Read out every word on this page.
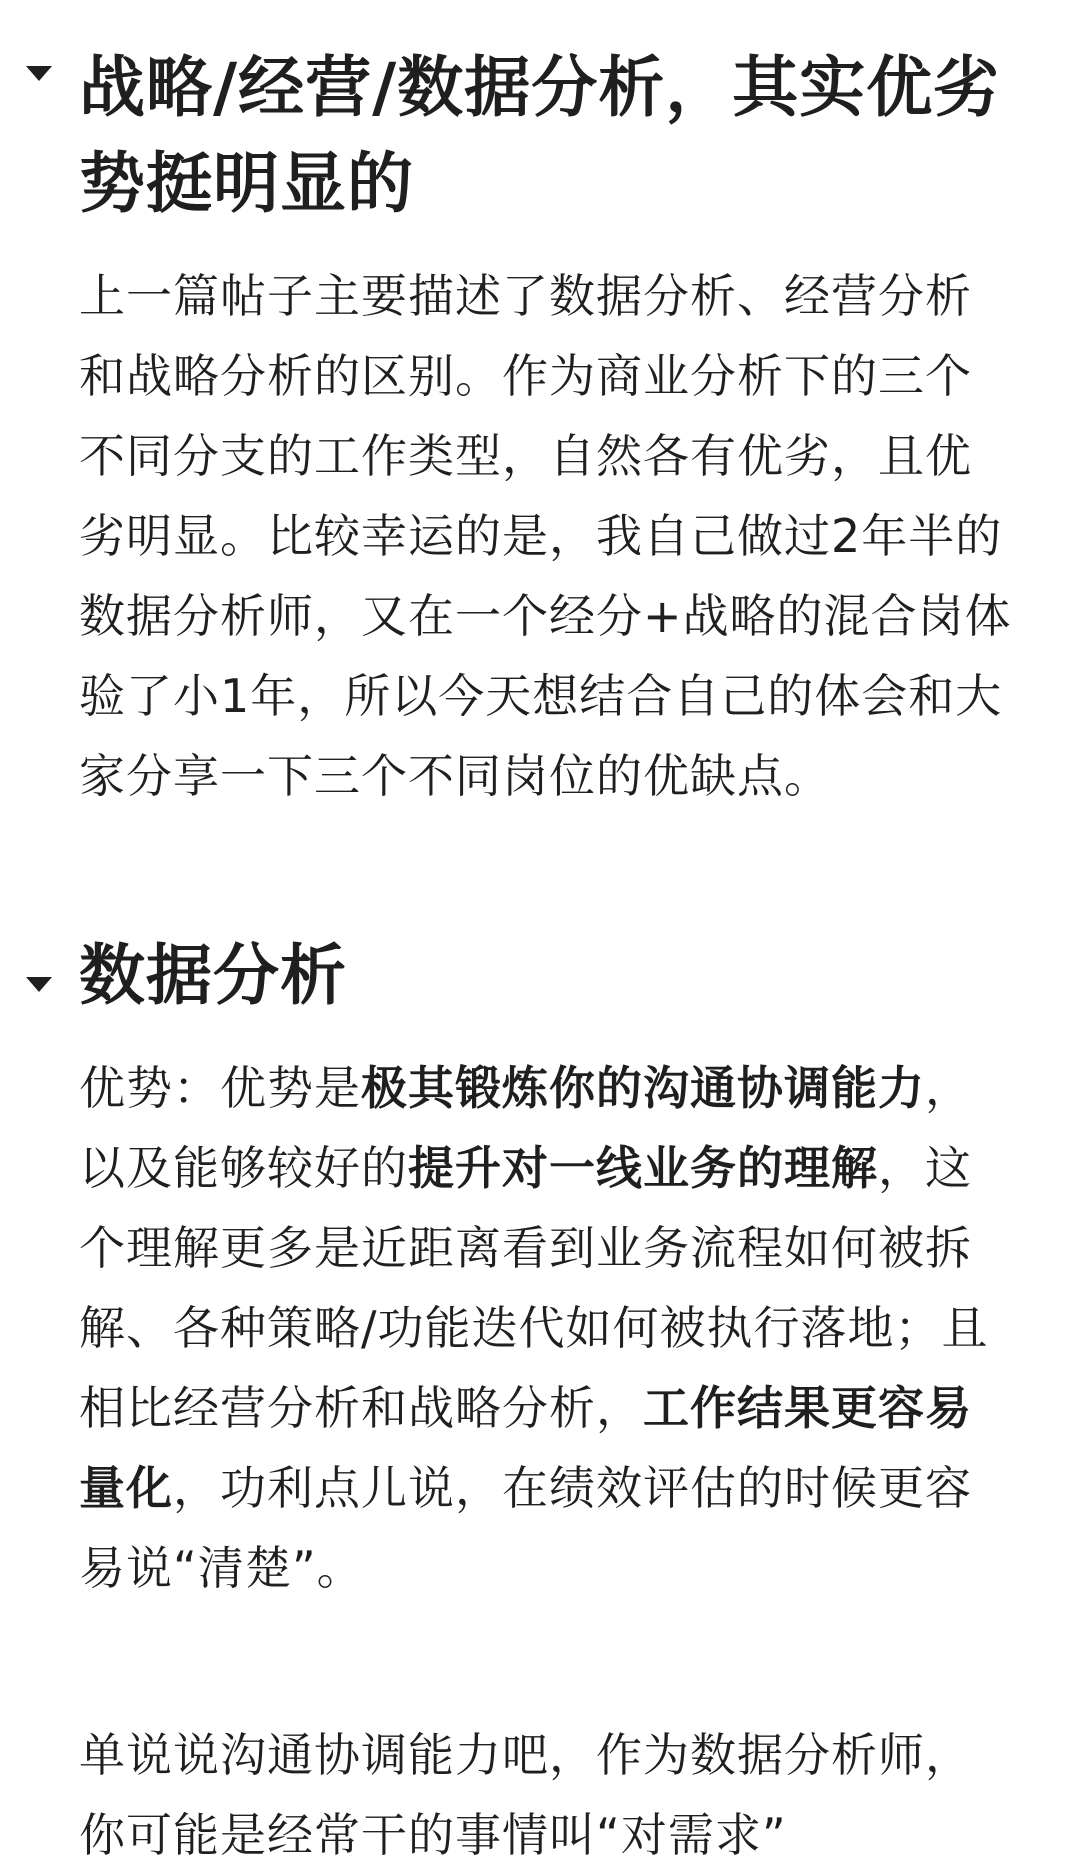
战略/经营/数据分析，其实优劣势挺明显的

上一篇帖子主要描述了数据分析、经营分析和战略分析的区别。作为商业分析下的三个不同分支的工作类型，自然各有优劣，且优劣明显。比较幸运的是，我自己做过2年半的数据分析师，又在一个经分+战略的混合岗体验了小1年，所以今天想结合自己的体会和大家分享一下三个不同岗位的优缺点。

数据分析

优势：优势是极其锻炼你的沟通协调能力，以及能够较好的提升对一线业务的理解，这个理解更多是近距离看到业务流程如何被拆解、各种策略/功能迭代如何被执行落地；且相比经营分析和战略分析，工作结果更容易量化，功利点儿说，在绩效评估的时候更容易说“清楚”。

单说说沟通协调能力吧，作为数据分析师，你可能是经常干的事情叫“对需求”
